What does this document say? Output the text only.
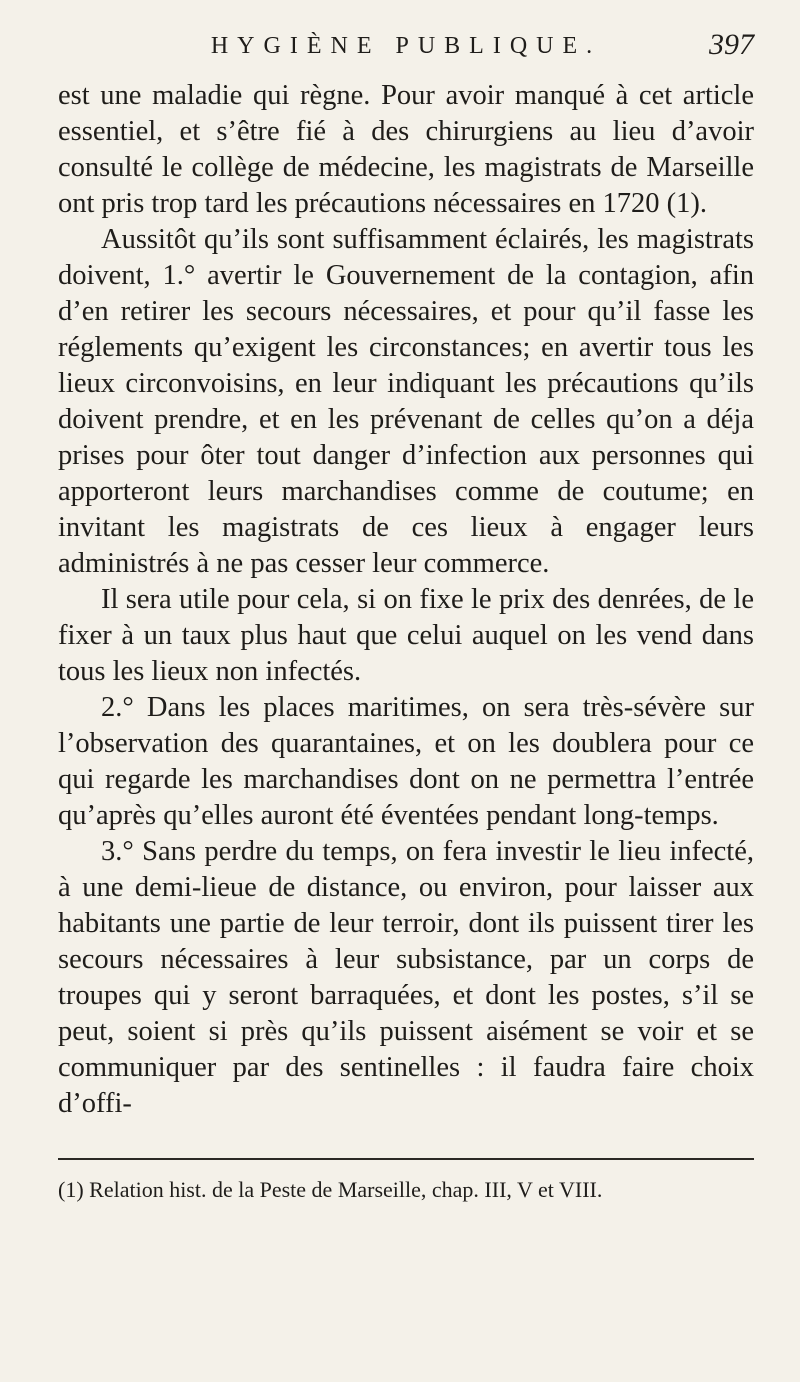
HYGIÈNE PUBLIQUE.	397

est une maladie qui règne. Pour avoir manqué à cet article essentiel, et s’être fié à des chirurgiens au lieu d’avoir consulté le collège de médecine, les magistrats de Marseille ont pris trop tard les précautions nécessaires en 1720 (1).

Aussitôt qu’ils sont suffisamment éclairés, les magistrats doivent, 1.° avertir le Gouvernement de la contagion, afin d’en retirer les secours nécessaires, et pour qu’il fasse les réglements qu’exigent les circonstances; en avertir tous les lieux circonvoisins, en leur indiquant les précautions qu’ils doivent prendre, et en les prévenant de celles qu’on a déja prises pour ôter tout danger d’infection aux personnes qui apporteront leurs marchandises comme de coutume; en invitant les magistrats de ces lieux à engager leurs administrés à ne pas cesser leur commerce.

Il sera utile pour cela, si on fixe le prix des denrées, de le fixer à un taux plus haut que celui auquel on les vend dans tous les lieux non infectés.

2.° Dans les places maritimes, on sera très-sévère sur l’observation des quarantaines, et on les doublera pour ce qui regarde les marchandises dont on ne permettra l’entrée qu’après qu’elles auront été éventées pendant long-temps.

3.° Sans perdre du temps, on fera investir le lieu infecté, à une demi-lieue de distance, ou environ, pour laisser aux habitants une partie de leur terroir, dont ils puissent tirer les secours nécessaires à leur subsistance, par un corps de troupes qui y seront barraquées, et dont les postes, s’il se peut, soient si près qu’ils puissent aisément se voir et se communiquer par des sentinelles : il faudra faire choix d’offi-

(1) Relation hist. de la Peste de Marseille, chap. III, V et VIII.
